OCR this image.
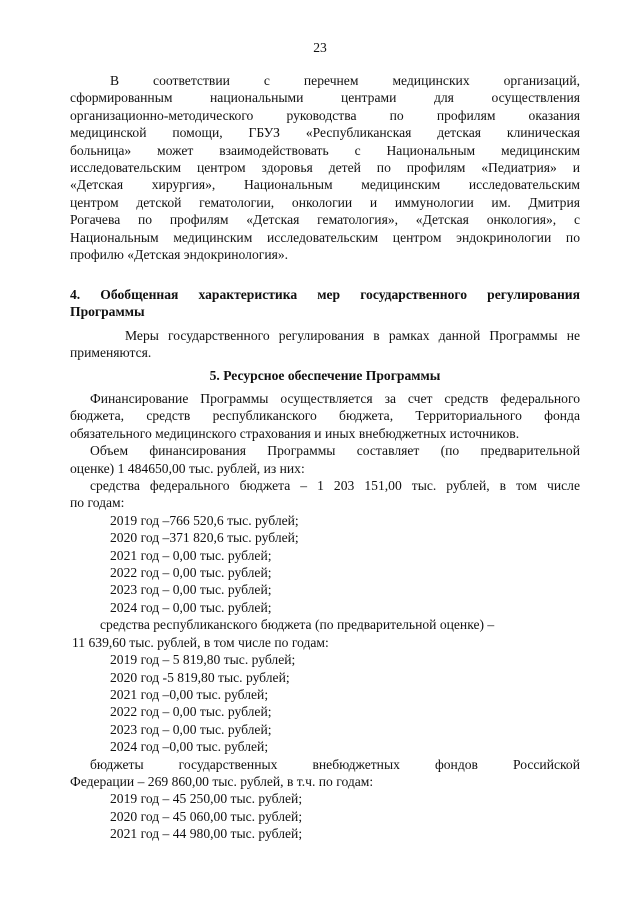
23

В соответствии с перечнем медицинских организаций,

сформированным национальными центрами для осуществления

организационно-методического руководства по профилям оказания

медицинской помощи, ГБУЗ «Республиканская детская клиническая

больница» может взаимодействовать с Национальным медицинским

исследовательским центром здоровья детей по профилям «Педиатрия» и

«Детская хирургия», Национальным медицинским исследовательским

центром детской гематологии, онкологии и иммунологии им. Дмитрия

Рогачева по профилям «Детская гематология», «Детская онкология», с

Национальным медицинским исследовательским центром эндокринологии по

профилю «Детская эндокринология».

4. Обобщенная характеристика мер государственного регулирования

Программы

Меры государственного регулирования в рамках данной Программы не

применяются.

5. Ресурсное обеспечение Программы

Финансирование Программы осуществляется за счет средств федерального

бюджета, средств республиканского бюджета, Территориального фонда

обязательного медицинского страхования и иных внебюджетных источников.

Объем финансирования Программы составляет (по предварительной

оценке) 1 484650,00 тыс. рублей, из них:

средства федерального бюджета – 1 203 151,00 тыс. рублей, в том числе

по годам:

2019 год –766 520,6 тыс. рублей;

2020 год –371 820,6 тыс. рублей;

2021 год – 0,00 тыс. рублей;

2022 год – 0,00 тыс. рублей;

2023 год – 0,00 тыс. рублей;

2024 год – 0,00 тыс. рублей;

средства республиканского бюджета (по предварительной оценке) –

11 639,60 тыс. рублей, в том числе по годам:

2019 год – 5 819,80 тыс. рублей;

2020 год -5 819,80 тыс. рублей;

2021 год –0,00 тыс. рублей;

2022 год – 0,00 тыс. рублей;

2023 год – 0,00 тыс. рублей;

2024 год –0,00 тыс. рублей;

бюджеты государственных внебюджетных фондов Российской

Федерации – 269 860,00 тыс. рублей, в т.ч. по годам:

2019 год – 45 250,00 тыс. рублей;

2020 год – 45 060,00 тыс. рублей;

2021 год – 44 980,00 тыс. рублей;
